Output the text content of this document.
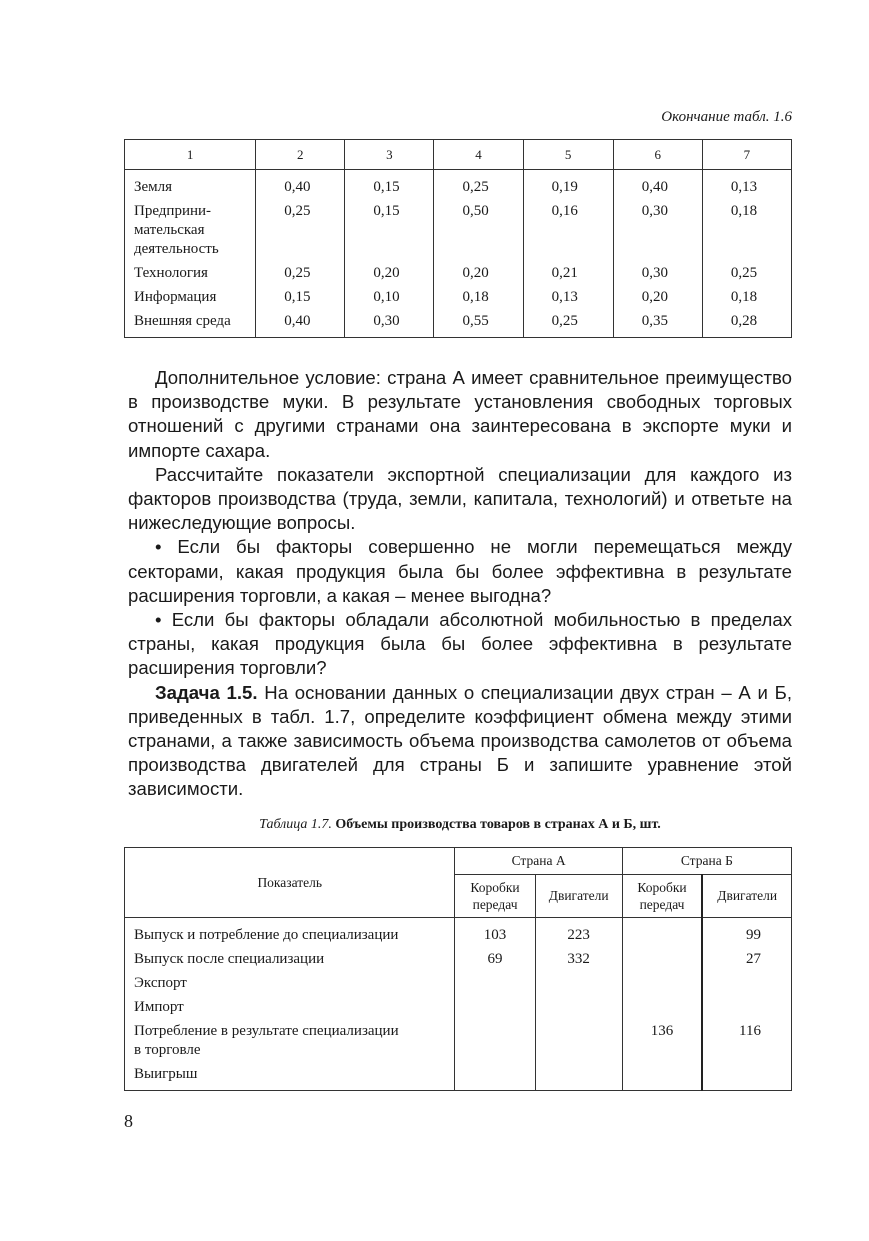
Окончание табл. 1.6
1	2	3	4	5	6	7
Земля	0,40	0,15	0,25	0,19	0,40	0,13
Предприни-
мательская
деятельность	0,25	0,15	0,50	0,16	0,30	0,18
Технология	0,25	0,20	0,20	0,21	0,30	0,25
Информация	0,15	0,10	0,18	0,13	0,20	0,18
Внешняя среда	0,40	0,30	0,55	0,25	0,35	0,28

Дополнительное условие: страна А имеет сравнительное преимущество в производстве муки. В результате установления свободных торговых отношений с другими странами она заинтересована в экспорте муки и импорте сахара.

Рассчитайте показатели экспортной специализации для каждого из факторов производства (труда, земли, капитала, технологий) и ответьте на нижеследующие вопросы.

• Если бы факторы совершенно не могли перемещаться между секторами, какая продукция была бы более эффективна в результате расширения торговли, а какая – менее выгодна?

• Если бы факторы обладали абсолютной мобильностью в пределах страны, какая продукция была бы более эффективна в результате расширения торговли?

Задача 1.5. На основании данных о специализации двух стран – А и Б, приведенных в табл. 1.7, определите коэффициент обмена между этими странами, а также зависимость объема производства самолетов от объема производства двигателей для страны Б и запишите уравнение этой зависимости.

Таблица 1.7. Объемы производства товаров в странах А и Б, шт.
Показатель	Страна А		Страна Б	
	Коробки
передач	Двигатели	Коробки
передач	Двигатели
Выпуск и потребление до специализации	103	223		99
Выпуск после специализации	69	332		27
Экспорт				
Импорт				
Потребление в результате специализации
в торговле			136	116
Выигрыш				
8
